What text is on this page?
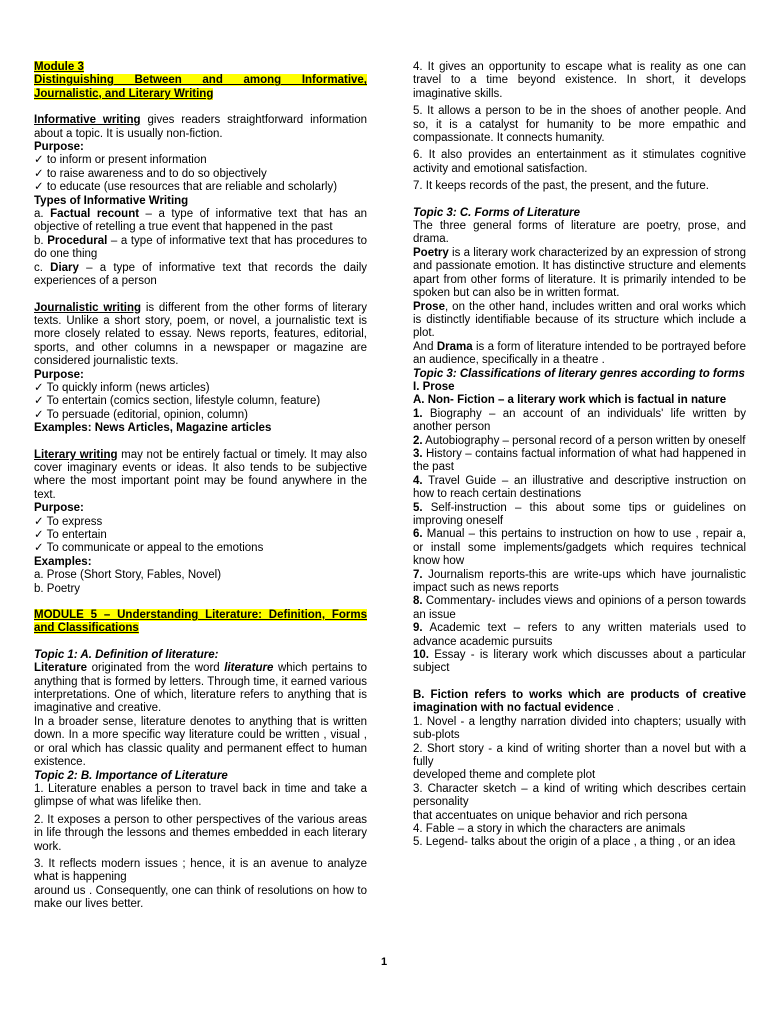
Module 3

Distinguishing Between and among Informative, Journalistic, and Literary Writing

Informative writing gives readers straightforward information about a topic. It is usually non-fiction.

Purpose:

✓ to inform or present information

✓ to raise awareness and to do so objectively

✓ to educate (use resources that are reliable and scholarly)

Types of Informative Writing

a. Factual recount – a type of informative text that has an objective of retelling a true event that happened in the past

b. Procedural – a type of informative text that has procedures to do one thing

c. Diary – a type of informative text that records the daily experiences of a person

Journalistic writing is different from the other forms of literary texts. Unlike a short story, poem, or novel, a journalistic text is more closely related to essay. News reports, features, editorial, sports, and other columns in a newspaper or magazine are considered journalistic texts.

Purpose:

✓ To quickly inform (news articles)

✓ To entertain (comics section, lifestyle column, feature)

✓ To persuade (editorial, opinion, column)

Examples: News Articles, Magazine articles

Literary writing may not be entirely factual or timely. It may also cover imaginary events or ideas. It also tends to be subjective where the most important point may be found anywhere in the text.

Purpose:

✓ To express

✓ To entertain

✓ To communicate or appeal to the emotions

Examples:

a. Prose (Short Story, Fables, Novel)

b. Poetry

MODULE 5 – Understanding Literature: Definition, Forms and Classifications

Topic 1: A. Definition of literature:

Literature originated from the word literature which pertains to anything that is formed by letters. Through time, it earned various interpretations. One of which, literature refers to anything that is imaginative and creative.

In a broader sense, literature denotes to anything that is written down. In a more specific way literature could be written , visual , or oral which has classic quality and permanent effect to human existence.

Topic 2: B. Importance of Literature

1. Literature enables a person to travel back in time and take a glimpse of what was lifelike then.

2. It exposes a person to other perspectives of the various areas in life through the lessons and themes embedded in each literary work.

3. It reflects modern issues ; hence, it is an avenue to analyze what is happening

around us . Consequently, one can think of resolutions on how to make our lives better.

4. It gives an opportunity to escape what is reality as one can travel to a time beyond existence. In short, it develops imaginative skills.

5. It allows a person to be in the shoes of another people. And so, it is a catalyst for humanity to be more empathic and compassionate. It connects humanity.

6. It also provides an entertainment as it stimulates cognitive activity and emotional satisfaction.

7. It keeps records of the past, the present, and the future.

Topic 3: C. Forms of Literature

The three general forms of literature are poetry, prose, and drama.

Poetry is a literary work characterized by an expression of strong and passionate emotion. It has distinctive structure and elements apart from other forms of literature. It is primarily intended to be spoken but can also be in written format.

Prose, on the other hand, includes written and oral works which is distinctly identifiable because of its structure which include a plot.

And Drama is a form of literature intended to be portrayed before an audience, specifically in a theatre .

Topic 3: Classifications of literary genres according to forms

I. Prose

A. Non- Fiction – a literary work which is factual in nature

1. Biography – an account of an individuals' life written by another person

2. Autobiography – personal record of a person written by oneself

3. History – contains factual information of what had happened in the past

4. Travel Guide – an illustrative and descriptive instruction on how to reach certain destinations

5. Self-instruction – this about some tips or guidelines on improving oneself

6. Manual – this pertains to instruction on how to use , repair a, or install some implements/gadgets which requires technical know how

7. Journalism reports-this are write-ups which have journalistic impact such as news reports

8. Commentary- includes views and opinions of a person towards an issue

9. Academic text – refers to any written materials used to advance academic pursuits

10. Essay - is literary work which discusses about a particular subject

B. Fiction refers to works which are products of creative imagination with no factual evidence .

1. Novel - a lengthy narration divided into chapters; usually with sub-plots

2. Short story - a kind of writing shorter than a novel but with a fully

developed theme and complete plot

3. Character sketch – a kind of writing which describes certain personality

that accentuates on unique behavior and rich persona

4. Fable – a story in which the characters are animals

5. Legend- talks about the origin of a place , a thing , or an idea

1
